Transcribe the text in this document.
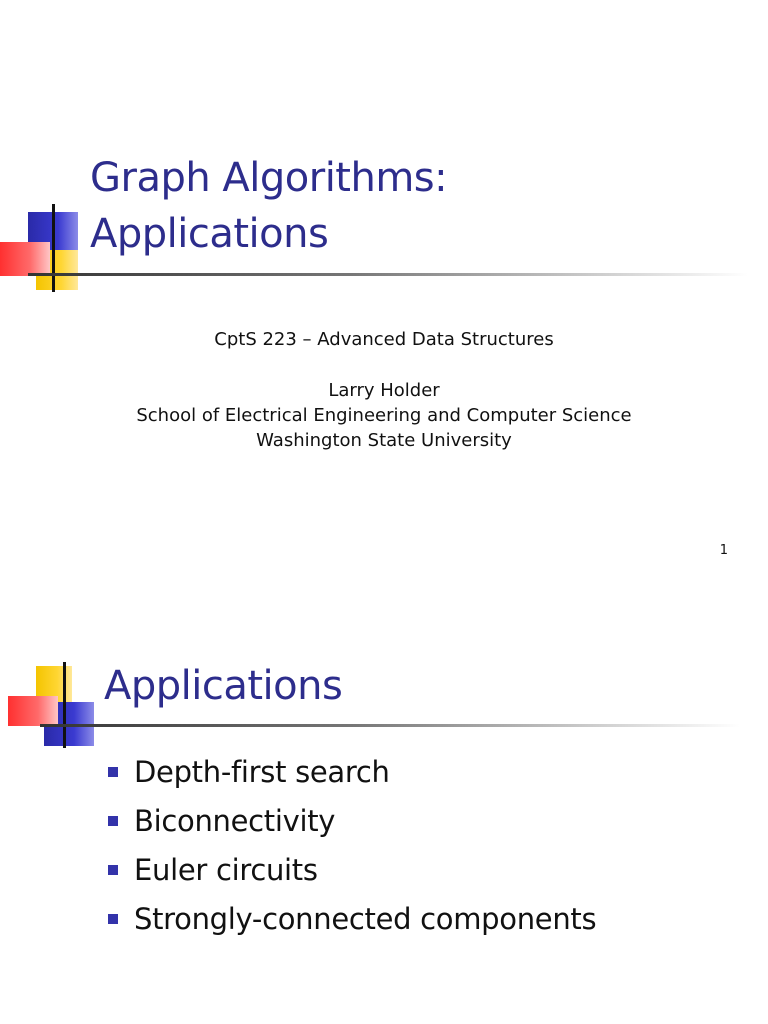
Graph Algorithms:
Applications
CptS 223 – Advanced Data Structures
Larry Holder
School of Electrical Engineering and Computer Science
Washington State University
1
Applications
Depth-first search
Biconnectivity
Euler circuits
Strongly-connected components
